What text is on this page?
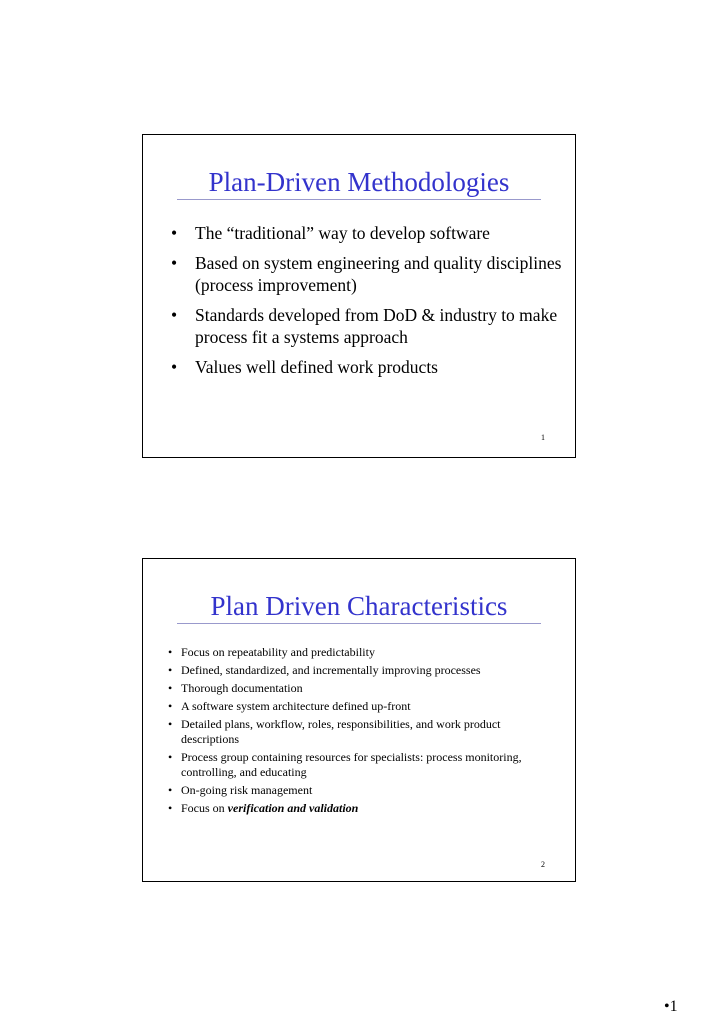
Plan-Driven Methodologies
• The “traditional” way to develop software
• Based on system engineering and quality disciplines (process improvement)
• Standards developed from DoD & industry to make process fit a systems approach
• Values well defined work products
1
Plan Driven Characteristics
• Focus on repeatability and predictability
• Defined, standardized, and incrementally improving processes
• Thorough documentation
• A software system architecture defined up-front
• Detailed plans, workflow, roles, responsibilities, and work product descriptions
• Process group containing resources for specialists: process monitoring, controlling, and educating
• On-going risk management
• Focus on verification and validation
2
•1
